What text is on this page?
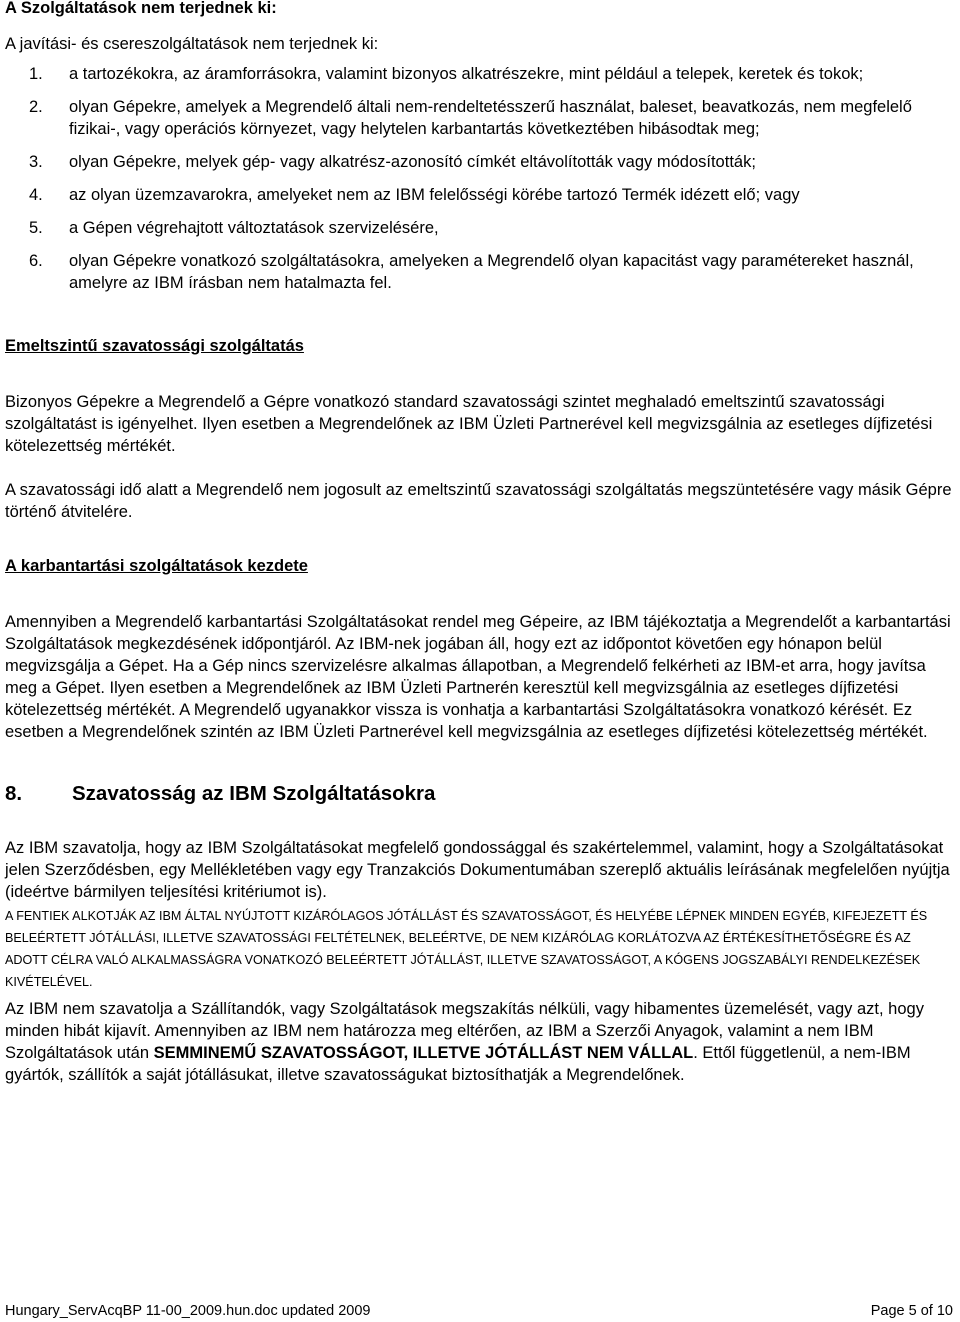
A Szolgáltatások nem terjednek ki:

A javítási- és csereszolgáltatások nem terjednek ki:

1. a tartozékokra, az áramforrásokra, valamint bizonyos alkatrészekre, mint például a telepek, keretek és tokok;
2. olyan Gépekre, amelyek a Megrendelő általi nem-rendeltetésszerű használat, baleset, beavatkozás, nem megfelelő fizikai-, vagy operációs környezet, vagy helytelen karbantartás következtében hibásodtak meg;
3. olyan Gépekre, melyek gép- vagy alkatrész-azonosító címkét eltávolították vagy módosították;
4. az olyan üzemzavarokra, amelyeket nem az IBM felelősségi körébe tartozó Termék idézett elő; vagy
5. a Gépen végrehajtott változtatások szervizelésére,
6. olyan Gépekre vonatkozó szolgáltatásokra, amelyeken a Megrendelő olyan kapacitást vagy paramétereket használ, amelyre az IBM írásban nem hatalmazta fel.
Emeltszintű szavatossági szolgáltatás

Bizonyos Gépekre a Megrendelő a Gépre vonatkozó standard szavatossági szintet meghaladó emeltszintű szavatossági szolgáltatást is igényelhet. Ilyen esetben a Megrendelőnek az IBM Üzleti Partnerével kell megvizsgálnia az esetleges díjfizetési kötelezettség mértékét.

A szavatossági idő alatt a Megrendelő nem jogosult az emeltszintű szavatossági szolgáltatás megszüntetésére vagy másik Gépre történő átvitelére.

A karbantartási szolgáltatások kezdete

Amennyiben a Megrendelő karbantartási Szolgáltatásokat rendel meg Gépeire, az IBM tájékoztatja a Megrendelőt a karbantartási Szolgáltatások megkezdésének időpontjáról. Az IBM-nek jogában áll, hogy ezt az időpontot követően egy hónapon belül megvizsgálja a Gépet. Ha a Gép nincs szervizelésre alkalmas állapotban, a Megrendelő felkérheti az IBM-et arra, hogy javítsa meg a Gépet. Ilyen esetben a Megrendelőnek az IBM Üzleti Partnerén keresztül kell megvizsgálnia az esetleges díjfizetési kötelezettség mértékét. A Megrendelő ugyanakkor vissza is vonhatja a karbantartási Szolgáltatásokra vonatkozó kérését. Ez esetben a Megrendelőnek szintén az IBM Üzleti Partnerével kell megvizsgálnia az esetleges díjfizetési kötelezettség mértékét.

8.	Szavatosság az IBM Szolgáltatásokra

Az IBM szavatolja, hogy az IBM Szolgáltatásokat megfelelő gondossággal és szakértelemmel, valamint, hogy a Szolgáltatásokat jelen Szerződésben, egy Mellékletében vagy egy Tranzakciós Dokumentumában szereplő aktuális leírásának megfelelően nyújtja (ideértve bármilyen teljesítési kritériumot is).

A FENTIEK ALKOTJÁK AZ IBM ÁLTAL NYÚJTOTT KIZÁRÓLAGOS JÓTÁLLÁST ÉS SZAVATOSSÁGOT, ÉS HELYÉBE LÉPNEK MINDEN EGYÉB, KIFEJEZETT ÉS BELEÉRTETT JÓTÁLLÁSI, ILLETVE SZAVATOSSÁGI FELTÉTELNEK, BELEÉRTVE, DE NEM KIZÁRÓLAG KORLÁTOZVA AZ ÉRTÉKESÍTHETŐSÉGRE ÉS AZ ADOTT CÉLRA VALÓ ALKALMASSÁGRA VONATKOZÓ BELEÉRTETT JÓTÁLLÁST, ILLETVE SZAVATOSSÁGOT, A KÓGENS JOGSZABÁLYI RENDELKEZÉSEK KIVÉTELÉVEL.

Az IBM nem szavatolja a Szállítandók, vagy Szolgáltatások megszakítás nélküli, vagy hibamentes üzemelését, vagy azt, hogy minden hibát kijavít. Amennyiben az IBM nem határozza meg eltérően, az IBM a Szerzői Anyagok, valamint a nem IBM Szolgáltatások után SEMMINEMŰ SZAVATOSSÁGOT, ILLETVE JÓTÁLLÁST NEM VÁLLAL. Ettől függetlenül, a nem-IBM gyártók, szállítók a saját jótállásukat, illetve szavatosságukat biztosíthatják a Megrendelőnek.

Hungary_ServAcqBP 11-00_2009.hun.doc updated 2009	Page 5 of 10
